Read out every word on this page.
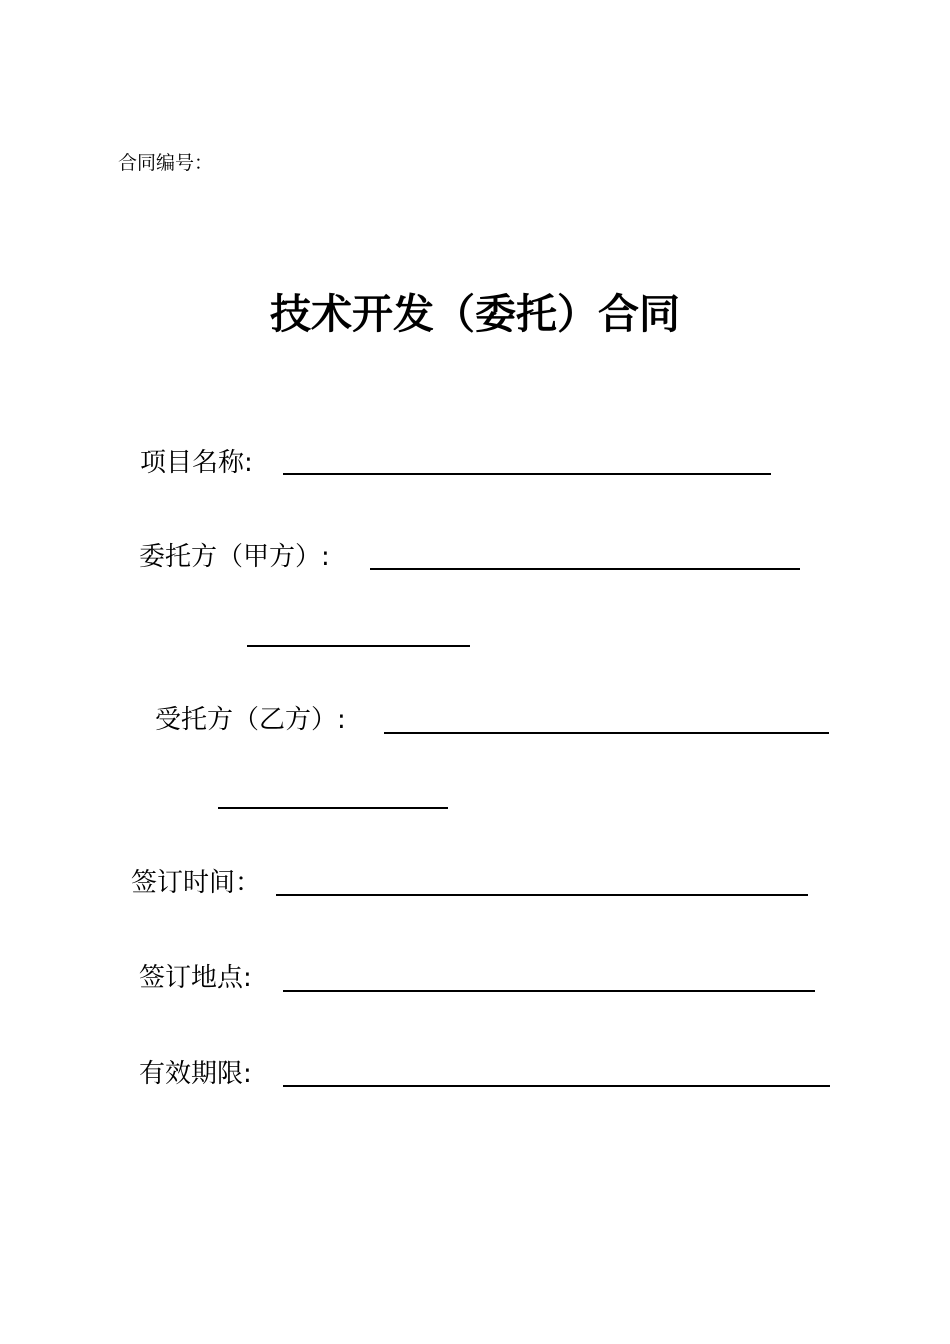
合同编号：
技术开发（委托）合同
项目名称:
委托方（甲方）:
受托方（乙方）:
签订时间：
签订地点:
有效期限:
